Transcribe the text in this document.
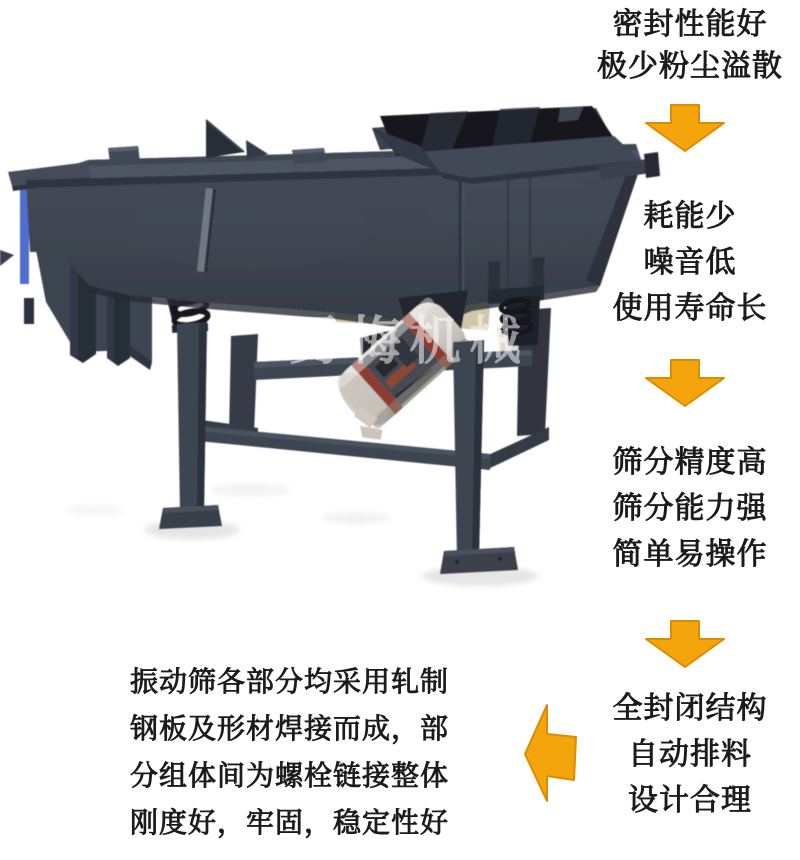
勇梅机械
密封性能好
极少粉尘溢散
耗能少
噪音低
使用寿命长
筛分精度高
筛分能力强
简单易操作
全封闭结构
自动排料
设计合理
振动筛各部分均采用轧制
钢板及形材焊接而成，部
分组体间为螺栓链接整体
刚度好，牢固，稳定性好
